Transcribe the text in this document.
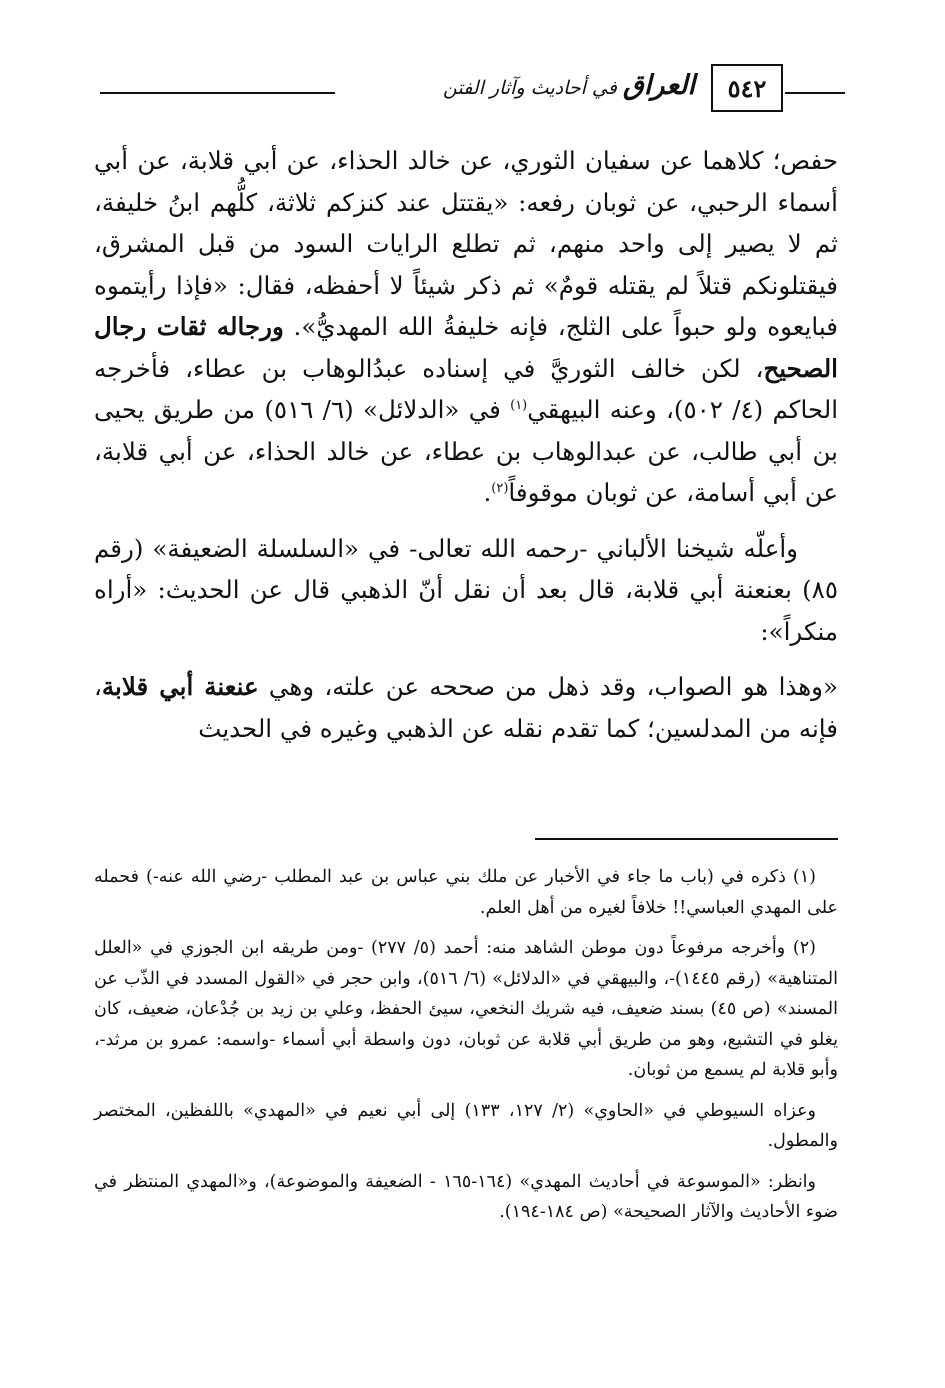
العراق في أحاديث وآثار الفتن	٥٤٢

حفص؛ كلاهما عن سفيان الثوري، عن خالد الحذاء، عن أبي قلابة، عن أبي أسماء الرحبي، عن ثوبان رفعه: «يقتتل عند كنزكم ثلاثة، كلُّهم ابنُ خليفة، ثم لا يصير إلى واحد منهم، ثم تطلع الرايات السود من قبل المشرق، فيقتلونكم قتلاً لم يقتله قومٌ» ثم ذكر شيئاً لا أحفظه، فقال: «فإذا رأيتموه فبايعوه ولو حبواً على الثلج، فإنه خليفةُ الله المهديُّ». ورجاله ثقات رجال الصحيح، لكن خالف الثوريَّ في إسناده عبدُالوهاب بن عطاء، فأخرجه الحاكم (٤/ ٥٠٢)، وعنه البيهقي$^{(١)}$ في «الدلائل» (٦/ ٥١٦) من طريق يحيى بن أبي طالب، عن عبدالوهاب بن عطاء، عن خالد الحذاء، عن أبي قلابة، عن أبي أسامة، عن ثوبان موقوفاً$^{(٢)}$.

وأعلّه شيخنا الألباني -رحمه الله تعالى- في «السلسلة الضعيفة» (رقم ٨٥) بعنعنة أبي قلابة، قال بعد أن نقل أنّ الذهبي قال عن الحديث: «أراه منكراً»:

«وهذا هو الصواب، وقد ذهل من صححه عن علته، وهي عنعنة أبي قلابة، فإنه من المدلسين؛ كما تقدم نقله عن الذهبي وغيره في الحديث

(١) ذكره في (باب ما جاء في الأخبار عن ملك بني عباس بن عبد المطلب -رضي الله عنه-) فحمله على المهدي العباسي!! خلافاً لغيره من أهل العلم.

(٢) وأخرجه مرفوعاً دون موطن الشاهد منه: أحمد (٥/ ٢٧٧) -ومن طريقه ابن الجوزي في «العلل المتناهية» (رقم ١٤٤٥)-، والبيهقي في «الدلائل» (٦/ ٥١٦)، وابن حجر في «القول المسدد في الذّب عن المسند» (ص ٤٥) بسند ضعيف، فيه شريك النخعي، سيئ الحفظ، وعلي بن زيد بن جُدْعان، ضعيف، كان يغلو في التشيع، وهو من طريق أبي قلابة عن ثوبان، دون واسطة أبي أسماء -واسمه: عمرو بن مرثد-، وأبو قلابة لم يسمع من ثوبان.

وعزاه السيوطي في «الحاوي» (٢/ ١٢٧، ١٣٣) إلى أبي نعيم في «المهدي» باللفظين، المختصر والمطول.

وانظر: «الموسوعة في أحاديث المهدي» (١٦٤-١٦٥ - الضعيفة والموضوعة)، و«المهدي المنتظر في ضوء الأحاديث والآثار الصحيحة» (ص ١٨٤-١٩٤).
